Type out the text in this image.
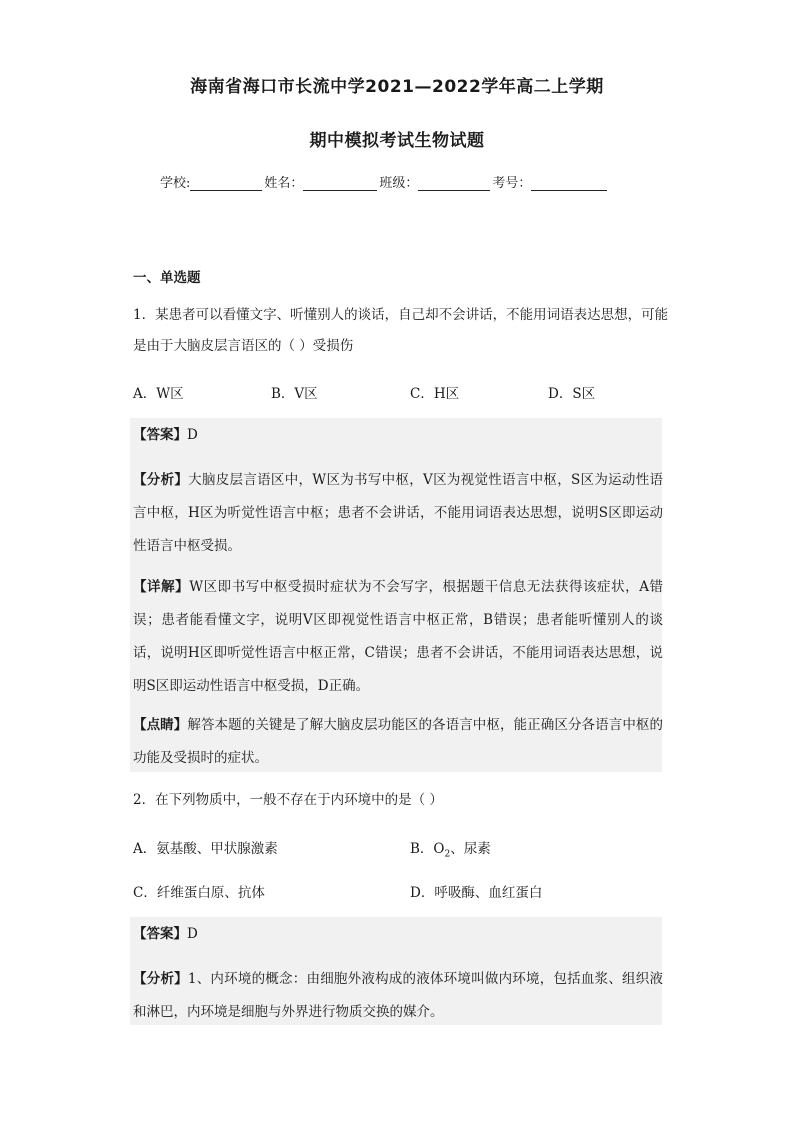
海南省海口市长流中学2021—2022学年高二上学期
期中模拟考试生物试题
学校:	姓名：	班级：	考号：
一、单选题
1．某患者可以看懂文字、听懂别人的谈话，自己却不会讲话，不能用词语表达思想，可能是由于大脑皮层言语区的（ ）受损伤
A．W区	B．V区	C．H区	D．S区
【答案】D
【分析】大脑皮层言语区中，W区为书写中枢，V区为视觉性语言中枢，S区为运动性语言中枢，H区为听觉性语言中枢；患者不会讲话，不能用词语表达思想，说明S区即运动性语言中枢受损。
【详解】W区即书写中枢受损时症状为不会写字，根据题干信息无法获得该症状，A错误；患者能看懂文字，说明V区即视觉性语言中枢正常，B错误；患者能听懂别人的谈话，说明H区即听觉性语言中枢正常，C错误；患者不会讲话，不能用词语表达思想，说明S区即运动性语言中枢受损，D正确。
【点睛】解答本题的关键是了解大脑皮层功能区的各语言中枢，能正确区分各语言中枢的功能及受损时的症状。
2．在下列物质中，一般不存在于内环境中的是（ ）
A．氨基酸、甲状腺激素	B．$O_2$、尿素
C．纤维蛋白原、抗体	D．呼吸酶、血红蛋白
【答案】D
【分析】1、内环境的概念：由细胞外液构成的液体环境叫做内环境，包括血浆、组织液和淋巴，内环境是细胞与外界进行物质交换的媒介。
